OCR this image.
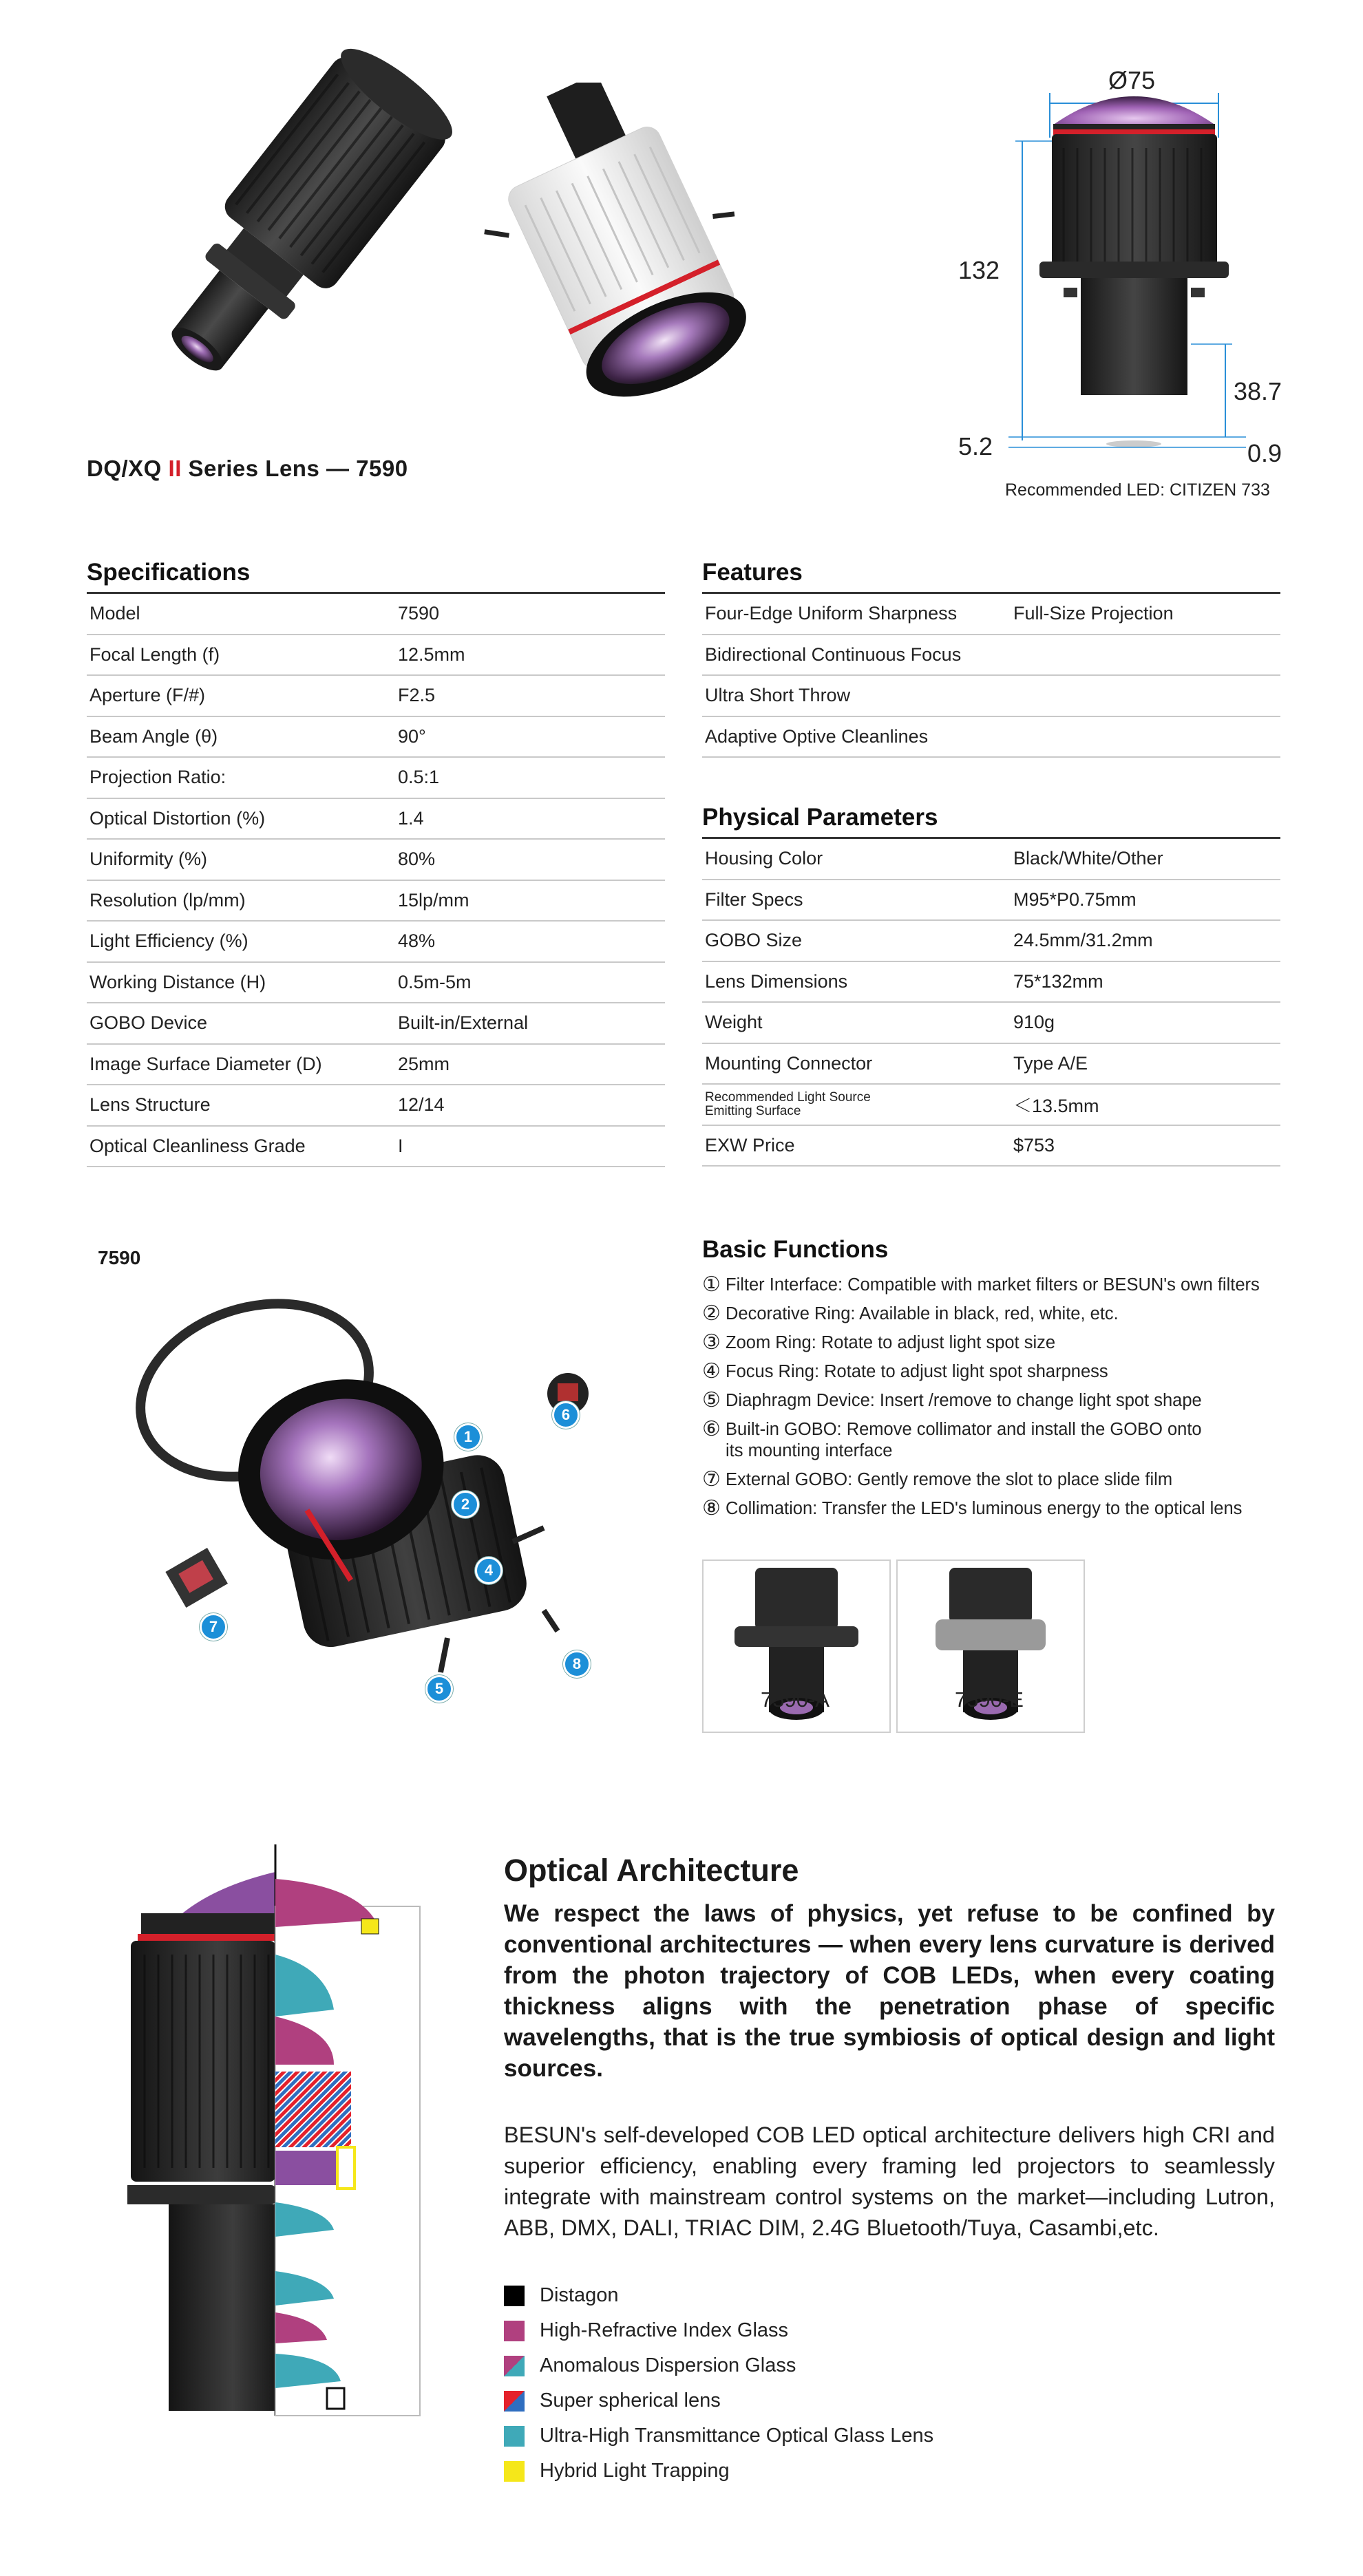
DQ/XQ II Series Lens — 7590
Ø75
132
38.7
5.2	0.9
Recommended LED: CITIZEN 733
Specifications
Model	7590
Focal Length (f)	12.5mm
Aperture (F/#)	F2.5
Beam Angle (θ)	90°
Projection Ratio:	0.5:1
Optical Distortion (%)	1.4
Uniformity (%)	80%
Resolution (lp/mm)	15lp/mm
Light Efficiency (%)	48%
Working Distance (H)	0.5m-5m
GOBO Device	Built-in/External
Image Surface Diameter (D)	25mm
Lens Structure	12/14
Optical Cleanliness Grade	I
Features
Four-Edge Uniform Sharpness	Full-Size Projection
Bidirectional Continuous Focus	
Ultra Short Throw	
Adaptive Optive Cleanlines	
Physical Parameters
Housing Color	Black/White/Other
Filter Specs	M95*P0.75mm
GOBO Size	24.5mm/31.2mm
Lens Dimensions	75*132mm
Weight	910g
Mounting Connector	Type A/E

Recommended Light Source
Emitting Surface	＜13.5mm
EXW Price	$753
7590
1
2
4
5
6
7
8
Basic Functions
① Filter Interface: Compatible with market filters or BESUN's own filters
② Decorative Ring: Available in black, red, white, etc.
③ Zoom Ring: Rotate to adjust light spot size
④ Focus Ring: Rotate to adjust light spot sharpness
⑤ Diaphragm Device: Insert /remove to change light spot shape
⑥ Built-in GOBO: Remove collimator and install the GOBO onto its mounting interface
⑦ External GOBO: Gently remove the slot to place slide film
⑧ Collimation: Transfer the LED's luminous energy to the optical lens
7590-A	7590-E
Optical Architecture
We respect the laws of physics, yet refuse to be confined by conventional architectures — when every lens curvature is derived from the photon trajectory of COB LEDs, when every coating thickness aligns with the penetration phase of specific wavelengths, that is the true symbiosis of optical design and light sources.
BESUN's self-developed COB LED optical architecture delivers high CRI and superior efficiency, enabling every framing led projectors to seamlessly integrate with mainstream control systems on the market—including Lutron, ABB, DMX, DALI, TRIAC DIM, 2.4G Bluetooth/Tuya, Casambi,etc.
Distagon
High-Refractive Index Glass
Anomalous Dispersion Glass
Super spherical lens
Ultra-High Transmittance Optical Glass Lens
Hybrid Light Trapping
